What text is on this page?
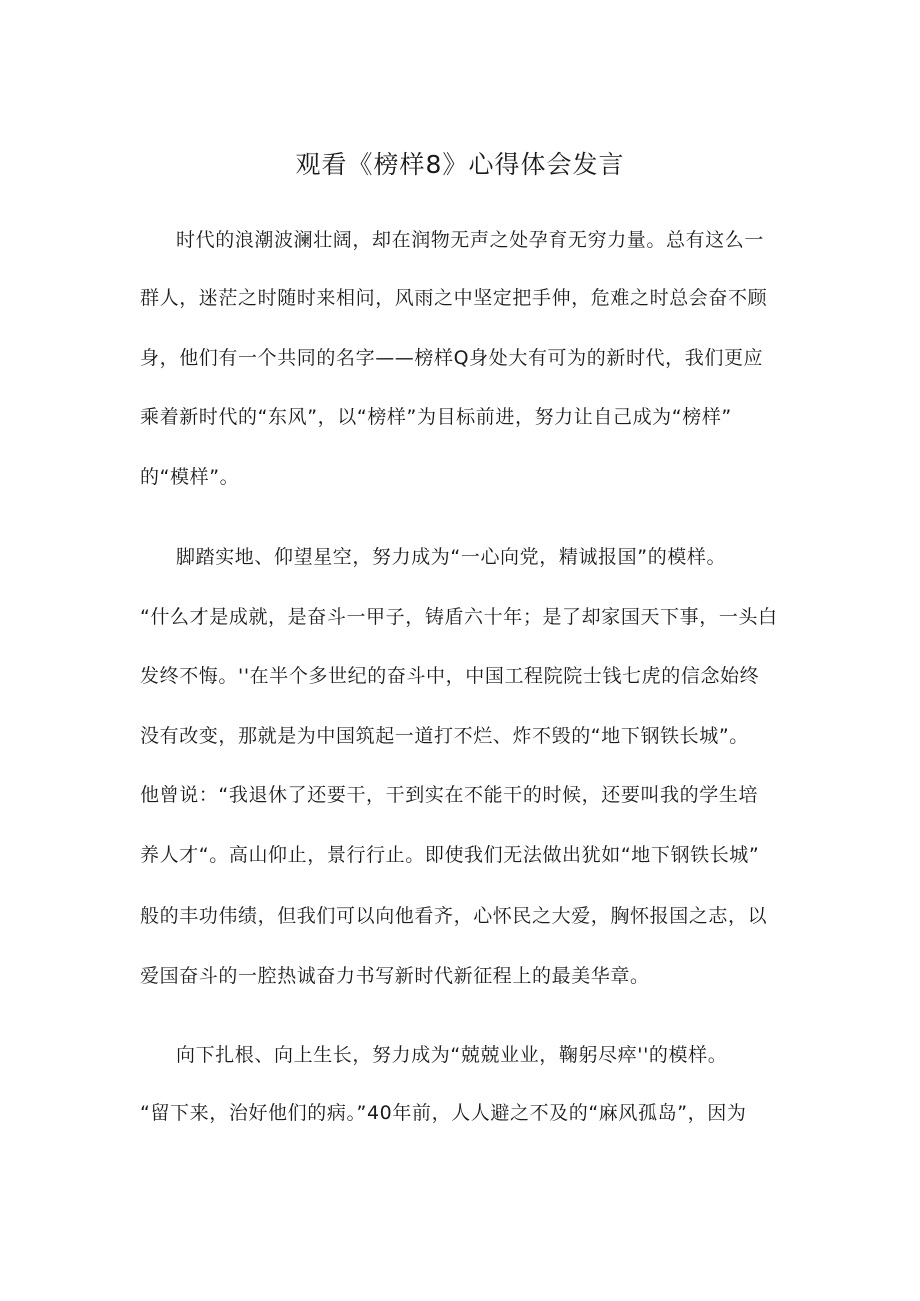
观看《榜样8》心得体会发言

时代的浪潮波澜壮阔，却在润物无声之处孕育无穷力量。总有这么一

群人，迷茫之时随时来相问，风雨之中坚定把手伸，危难之时总会奋不顾

身，他们有一个共同的名字——榜样Q身处大有可为的新时代，我们更应

乘着新时代的“东风”，以“榜样”为目标前进，努力让自己成为“榜样”

的“模样”。

脚踏实地、仰望星空，努力成为“一心向党，精诚报国”的模样。

“什么才是成就，是奋斗一甲子，铸盾六十年；是了却家国天下事，一头白

发终不悔。''在半个多世纪的奋斗中，中国工程院院士钱七虎的信念始终

没有改变，那就是为中国筑起一道打不烂、炸不毁的“地下钢铁长城”。

他曾说：“我退休了还要干，干到实在不能干的时候，还要叫我的学生培

养人才“。高山仰止，景行行止。即使我们无法做出犹如“地下钢铁长城”

般的丰功伟绩，但我们可以向他看齐，心怀民之大爱，胸怀报国之志，以

爱国奋斗的一腔热诚奋力书写新时代新征程上的最美华章。

向下扎根、向上生长，努力成为“兢兢业业，鞠躬尽瘁''的模样。

“留下来，治好他们的病。”40年前，人人避之不及的“麻风孤岛”，因为
